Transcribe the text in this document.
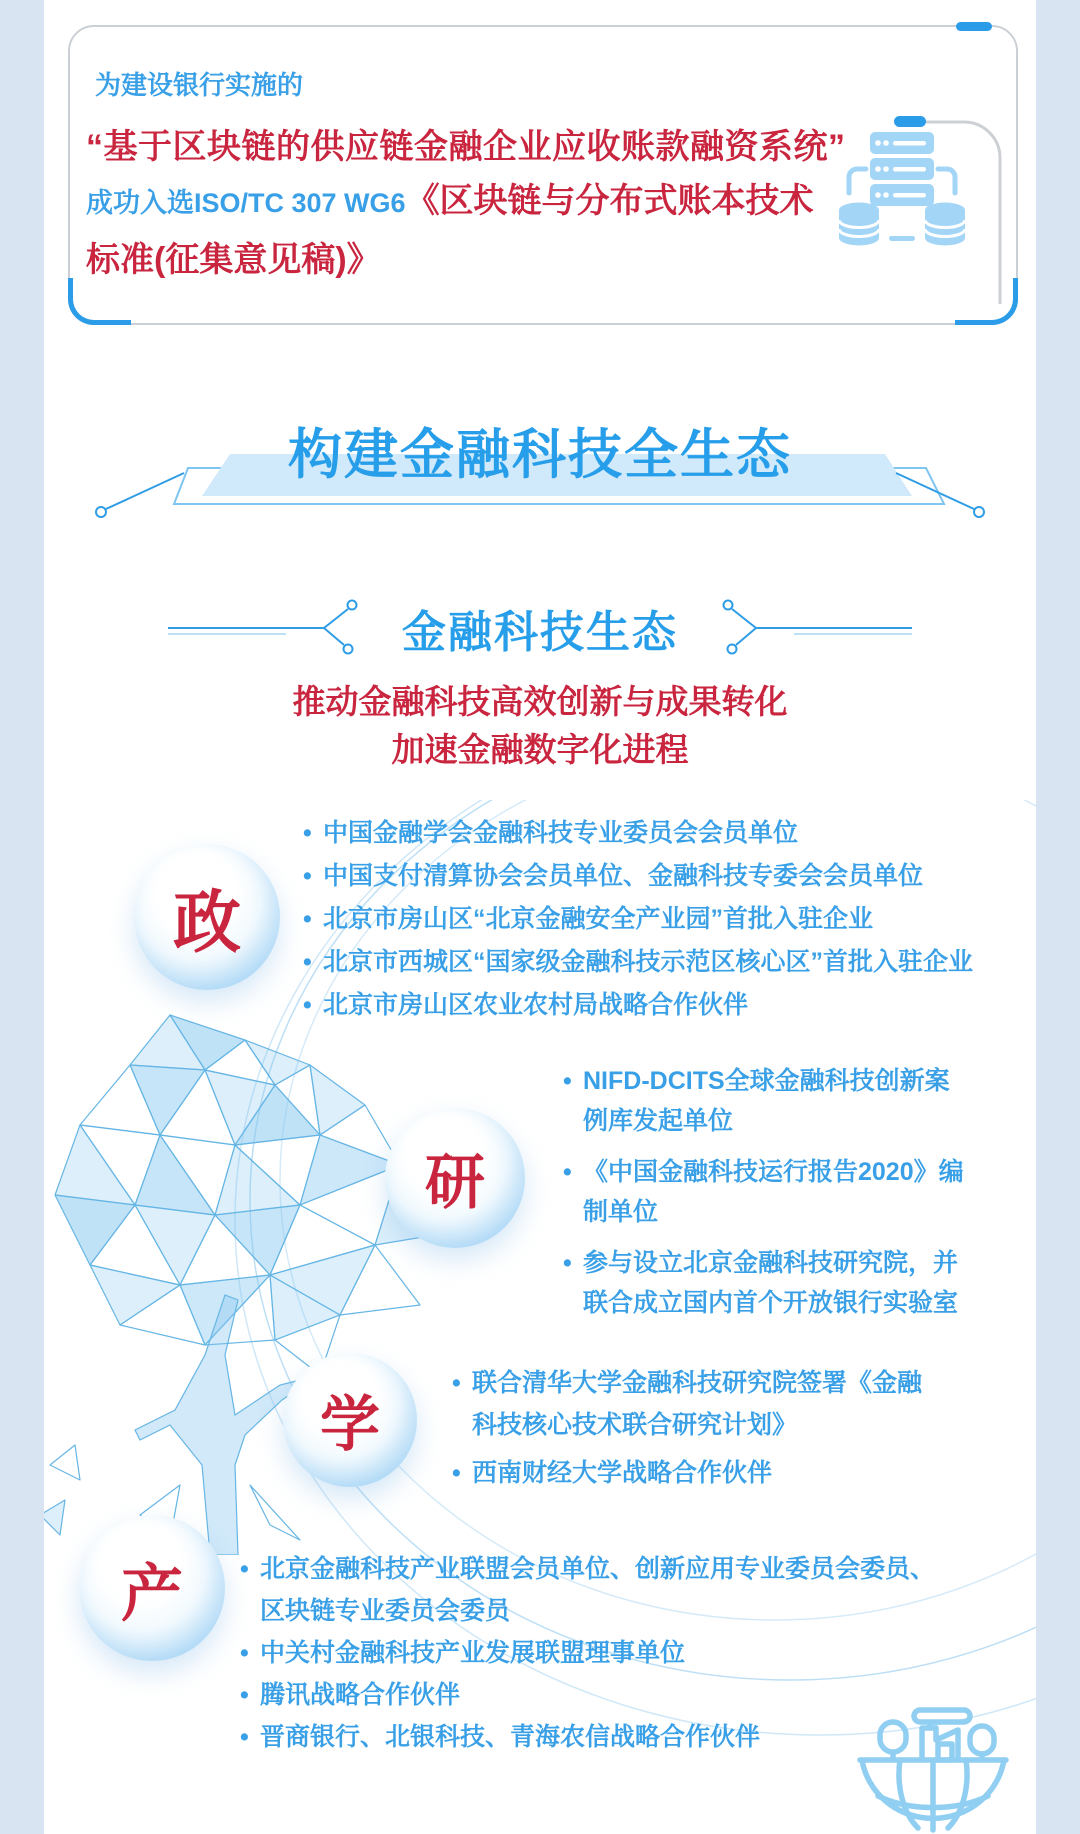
为建设银行实施的

“基于区块链的供应链金融企业应收账款融资系统”

成功入选ISO/TC 307 WG6《区块链与分布式账本技术标准(征集意见稿)》

构建金融科技全生态
金融科技生态

推动金融科技高效创新与成果转化

加速金融数字化进程

政
研
学
产
• 中国金融学会金融科技专业委员会会员单位
• 中国支付清算协会会员单位、金融科技专委会会员单位
• 北京市房山区“北京金融安全产业园”首批入驻企业
• 北京市西城区“国家级金融科技示范区核心区”首批入驻企业
• 北京市房山区农业农村局战略合作伙伴
• NIFD-DCITS全球金融科技创新案例库发起单位
• 《中国金融科技运行报告2020》编制单位
• 参与设立北京金融科技研究院，并联合成立国内首个开放银行实验室
• 联合清华大学金融科技研究院签署《金融科技核心技术联合研究计划》
• 西南财经大学战略合作伙伴
• 北京金融科技产业联盟会员单位、创新应用专业委员会委员、区块链专业委员会委员
• 中关村金融科技产业发展联盟理事单位
• 腾讯战略合作伙伴
• 晋商银行、北银科技、青海农信战略合作伙伴
